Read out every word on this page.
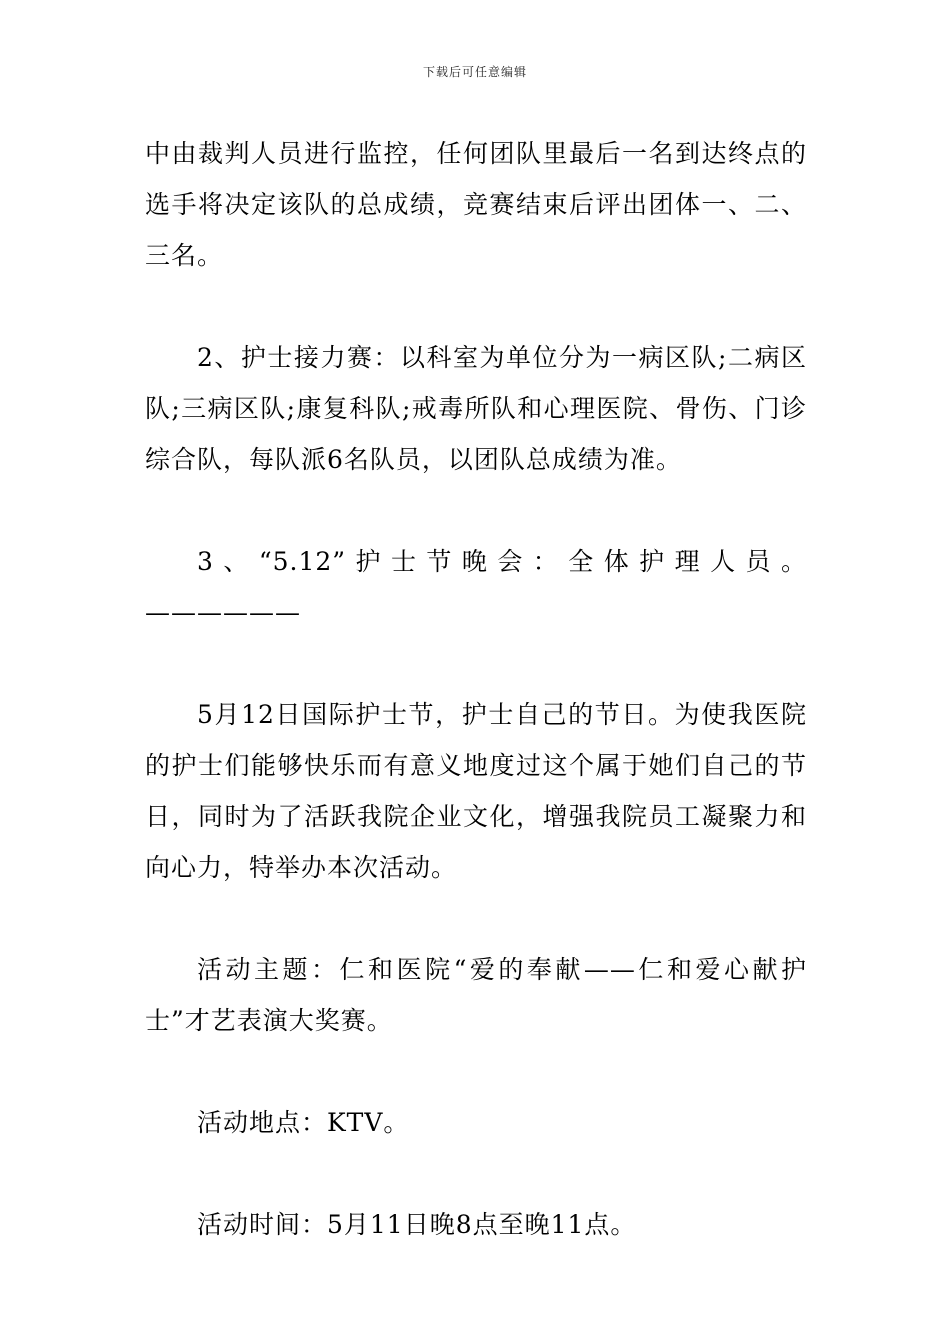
下载后可任意编辑

中由裁判人员进行监控，任何团队里最后一名到达终点的选手将决定该队的总成绩，竞赛结束后评出团体一、二、三名。

2、护士接力赛：以科室为单位分为一病区队;二病区队;三病区队;康复科队;戒毒所队和心理医院、骨伤、门诊综合队，每队派6名队员，以团队总成绩为准。

3、“5.12”护士节晚会：全体护理人员。——————

5月12日国际护士节，护士自己的节日。为使我医院的护士们能够快乐而有意义地度过这个属于她们自己的节日，同时为了活跃我院企业文化，增强我院员工凝聚力和向心力，特举办本次活动。

活动主题：仁和医院“爱的奉献——仁和爱心献护士”才艺表演大奖赛。

活动地点：KTV。

活动时间：5月11日晚8点至晚11点。
